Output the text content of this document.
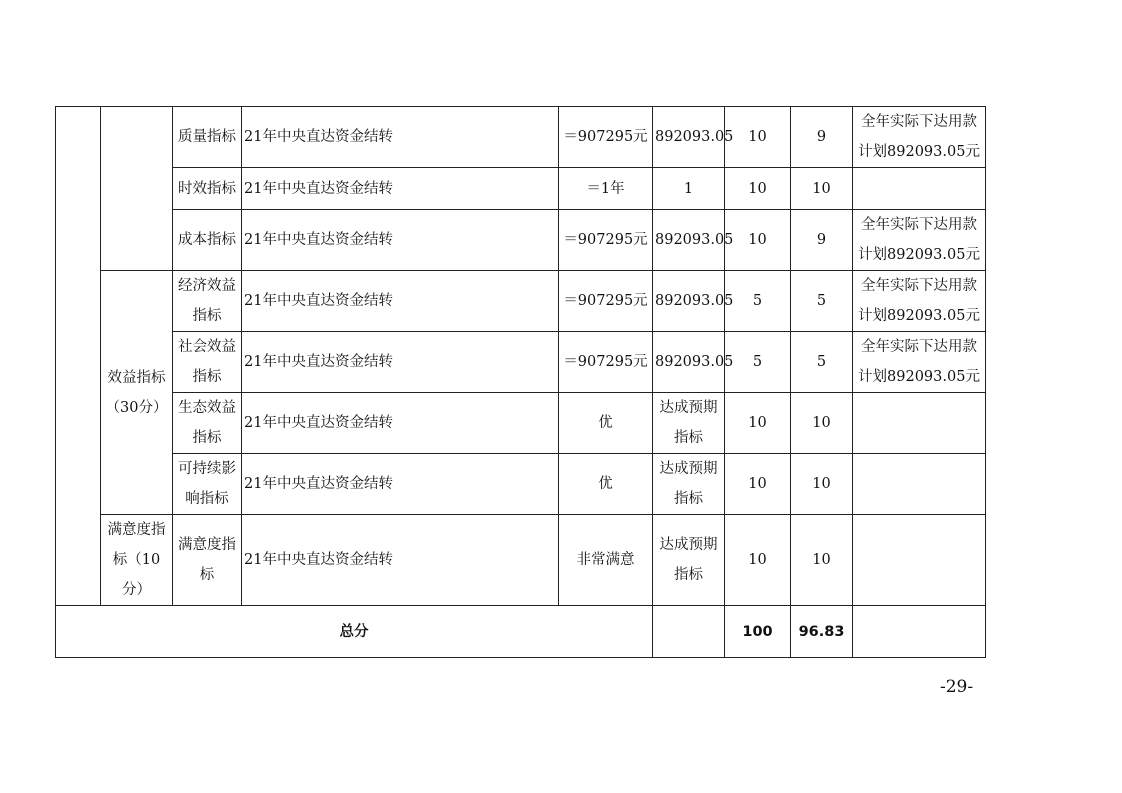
		质量指标	21年中央直达资金结转	＝907295元	892093.05	10	9	全年实际下达用款计划892093.05元
		时效指标	21年中央直达资金结转	＝1年	1	10	10	
		成本指标	21年中央直达资金结转	＝907295元	892093.05	10	9	全年实际下达用款计划892093.05元
	效益指标（30分）	经济效益指标	21年中央直达资金结转	＝907295元	892093.05	5	5	全年实际下达用款计划892093.05元
		社会效益指标	21年中央直达资金结转	＝907295元	892093.05	5	5	全年实际下达用款计划892093.05元
		生态效益指标	21年中央直达资金结转	优	达成预期指标	10	10	
		可持续影响指标	21年中央直达资金结转	优	达成预期指标	10	10	
	满意度指标（10分）	满意度指标	21年中央直达资金结转	非常满意	达成预期指标	10	10	
总分						100	96.83	
-29-
